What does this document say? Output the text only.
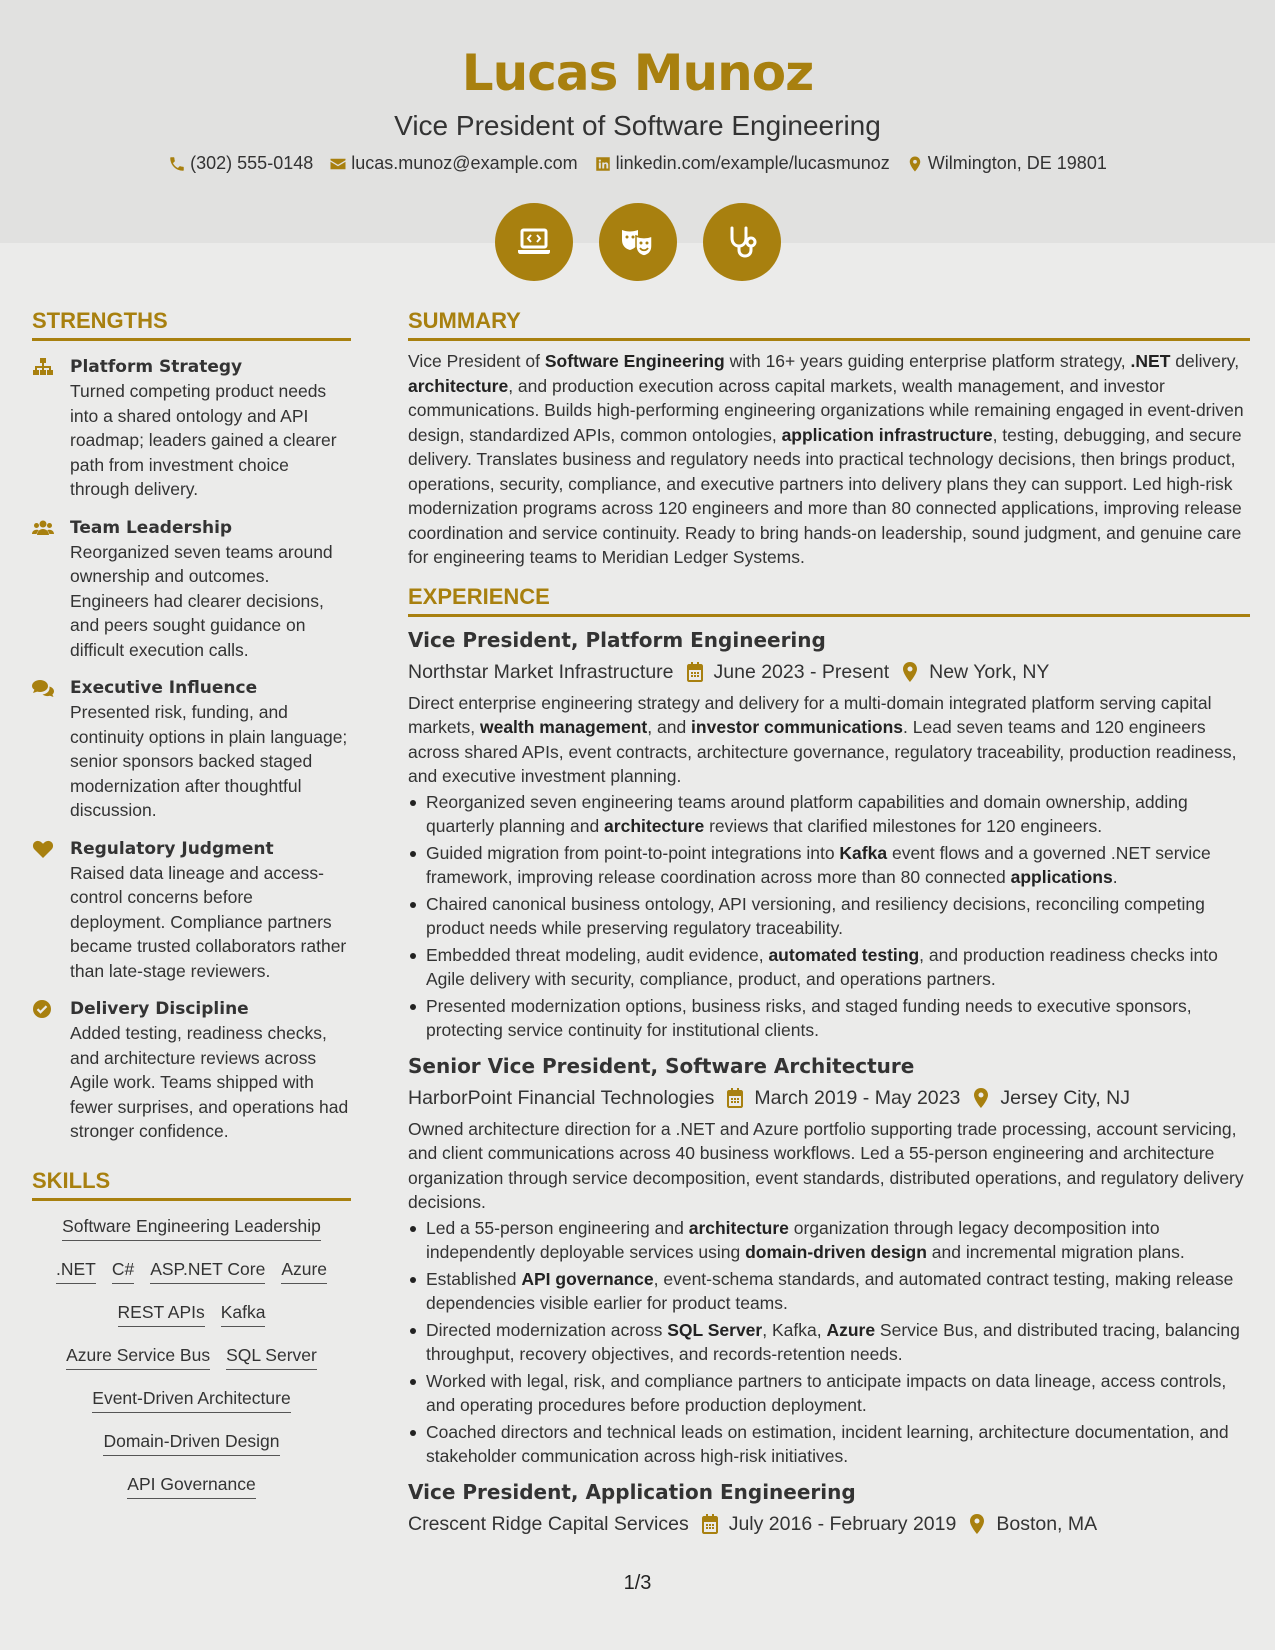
Lucas Munoz
Vice President of Software Engineering
(302) 555-0148 lucas.munoz@example.com linkedin.com/example/lucasmunoz Wilmington, DE 19801
STRENGTHS
Platform Strategy
Turned competing product needs into a shared ontology and API roadmap; leaders gained a clearer path from investment choice through delivery.
Team Leadership
Reorganized seven teams around ownership and outcomes. Engineers had clearer decisions, and peers sought guidance on difficult execution calls.
Executive Influence
Presented risk, funding, and continuity options in plain language; senior sponsors backed staged modernization after thoughtful discussion.
Regulatory Judgment
Raised data lineage and access-control concerns before deployment. Compliance partners became trusted collaborators rather than late-stage reviewers.
Delivery Discipline
Added testing, readiness checks, and architecture reviews across Agile work. Teams shipped with fewer surprises, and operations had stronger confidence.
SKILLS
Software Engineering Leadership
.NET C# ASP.NET Core Azure
REST APIs Kafka
Azure Service Bus SQL Server
Event-Driven Architecture
Domain-Driven Design
API Governance
SUMMARY

Vice President of Software Engineering with 16+ years guiding enterprise platform strategy, .NET delivery, architecture, and production execution across capital markets, wealth management, and investor communications. Builds high-performing engineering organizations while remaining engaged in event-driven design, standardized APIs, common ontologies, application infrastructure, testing, debugging, and secure delivery. Translates business and regulatory needs into practical technology decisions, then brings product, operations, security, compliance, and executive partners into delivery plans they can support. Led high-risk modernization programs across 120 engineers and more than 80 connected applications, improving release coordination and service continuity. Ready to bring hands-on leadership, sound judgment, and genuine care for engineering teams to Meridian Ledger Systems.

EXPERIENCE
Vice President, Platform Engineering
Northstar Market Infrastructure June 2023 - Present New York, NY

Direct enterprise engineering strategy and delivery for a multi-domain integrated platform serving capital markets, wealth management, and investor communications. Lead seven teams and 120 engineers across shared APIs, event contracts, architecture governance, regulatory traceability, production readiness, and executive investment planning.

Reorganized seven engineering teams around platform capabilities and domain ownership, adding quarterly planning and architecture reviews that clarified milestones for 120 engineers.
Guided migration from point-to-point integrations into Kafka event flows and a governed .NET service framework, improving release coordination across more than 80 connected applications.
Chaired canonical business ontology, API versioning, and resiliency decisions, reconciling competing product needs while preserving regulatory traceability.
Embedded threat modeling, audit evidence, automated testing, and production readiness checks into Agile delivery with security, compliance, product, and operations partners.
Presented modernization options, business risks, and staged funding needs to executive sponsors, protecting service continuity for institutional clients.
Senior Vice President, Software Architecture
HarborPoint Financial Technologies March 2019 - May 2023 Jersey City, NJ

Owned architecture direction for a .NET and Azure portfolio supporting trade processing, account servicing, and client communications across 40 business workflows. Led a 55-person engineering and architecture organization through service decomposition, event standards, distributed operations, and regulatory delivery decisions.

Led a 55-person engineering and architecture organization through legacy decomposition into independently deployable services using domain-driven design and incremental migration plans.
Established API governance, event-schema standards, and automated contract testing, making release dependencies visible earlier for product teams.
Directed modernization across SQL Server, Kafka, Azure Service Bus, and distributed tracing, balancing throughput, recovery objectives, and records-retention needs.
Worked with legal, risk, and compliance partners to anticipate impacts on data lineage, access controls, and operating procedures before production deployment.
Coached directors and technical leads on estimation, incident learning, architecture documentation, and stakeholder communication across high-risk initiatives.
Vice President, Application Engineering
Crescent Ridge Capital Services July 2016 - February 2019 Boston, MA
1/3
